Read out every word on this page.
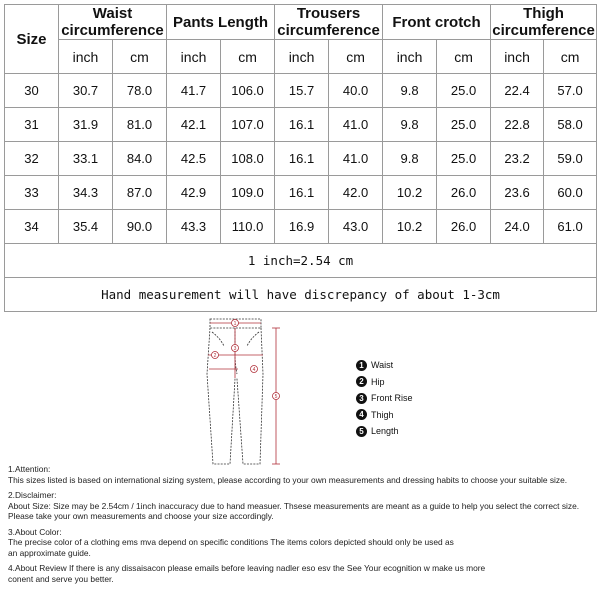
Size	Waist circumference		Pants Length		Trousers circumference		Front crotch		Thigh circumference	
	inch	cm	inch	cm	inch	cm	inch	cm	inch	cm
30	30.7	78.0	41.7	106.0	15.7	40.0	9.8	25.0	22.4	57.0
31	31.9	81.0	42.1	107.0	16.1	41.0	9.8	25.0	22.8	58.0
32	33.1	84.0	42.5	108.0	16.1	41.0	9.8	25.0	23.2	59.0
33	34.3	87.0	42.9	109.0	16.1	42.0	10.2	26.0	23.6	60.0
34	35.4	90.0	43.3	110.0	16.9	43.0	10.2	26.0	24.0	61.0
1 inch=2.54 cm										
Hand measurement will have discrepancy of about 1-3cm										
1
2
3
4
5
1 Waist
2 Hip
3 Front Rise
4 Thigh
5 Length

1.Attention:

This sizes listed is based on international sizing system, please according to your own measurements and dressing habits to choose your suitable size.

2.Disclaimer:

About Size: Size may be 2.54cm / 1inch inaccuracy due to hand measuer. Thsese measurements are meant as a guide to help you select the correct size.

Please take your own measurements and choose your size accordingly.

3.About Color:

The precise color of a clothing ems mva depend on specific conditions The items colors depicted should only be used as

an approximate guide.

4.About Review If there is any dissaisacon please emails before leaving nadler eso esv the See Your ecognition w make us more

conent and serve you better.
